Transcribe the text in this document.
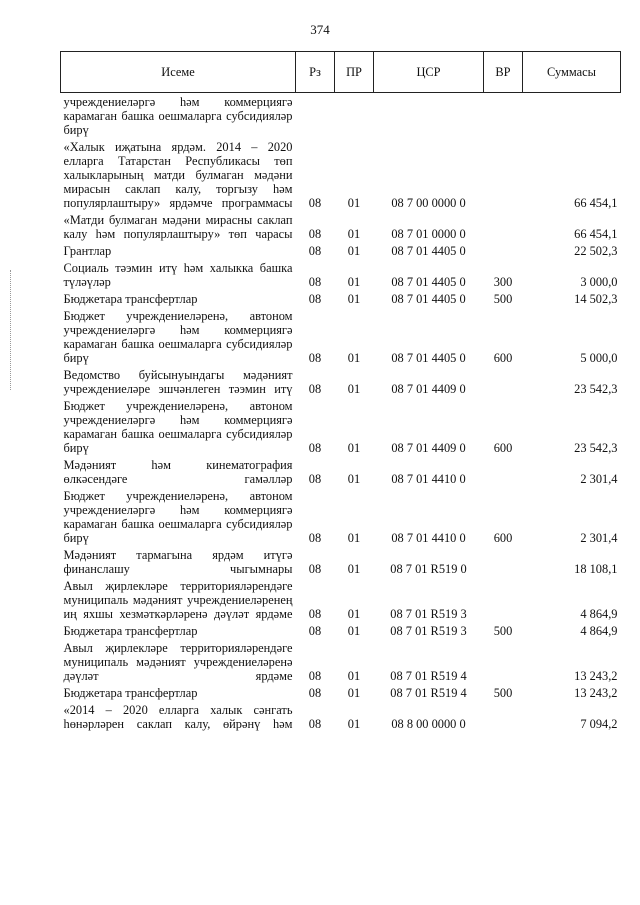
374
Исеме	Рз	ПР	ЦСР	ВР	Суммасы
учреждениеләргә һәм коммерциягә карамаган башка оешмаларга субсидияләр бирү					
«Халык иҗатына ярдәм. 2014 – 2020 елларга Татарстан Республикасы төп халыкларының матди булмаган мәдәни мирасын саклап калу, торгызу һәм популярлаштыру» ярдәмче программасы	08	01	08 7 00 0000 0		66 454,1
«Матди булмаган мәдәни мирасны саклап калу һәм популярлаштыру» төп чарасы	08	01	08 7 01 0000 0		66 454,1
Грантлар	08	01	08 7 01 4405 0		22 502,3
Социаль тәэмин итү һәм халыкка башка түләүләр	08	01	08 7 01 4405 0	300	3 000,0
Бюджетара трансфертлар	08	01	08 7 01 4405 0	500	14 502,3
Бюджет учреждениеләренә, автоном учреждениеләргә һәм коммерциягә карамаган башка оешмаларга субсидияләр бирү	08	01	08 7 01 4405 0	600	5 000,0
Ведомство буйсынуындагы мәдәният учреждениеләре эшчәнлеген тәэмин итү	08	01	08 7 01 4409 0		23 542,3
Бюджет учреждениеләренә, автоном учреждениеләргә һәм коммерциягә карамаган башка оешмаларга субсидияләр бирү	08	01	08 7 01 4409 0	600	23 542,3
Мәдәният һәм кинематография өлкәсендәге гамәлләр	08	01	08 7 01 4410 0		2 301,4
Бюджет учреждениеләренә, автоном учреждениеләргә һәм коммерциягә карамаган башка оешмаларга субсидияләр бирү	08	01	08 7 01 4410 0	600	2 301,4
Мәдәният тармагына ярдәм итүгә финанслашу чыгымнары	08	01	08 7 01 R519 0		18 108,1
Авыл җирлекләре территорияләрендәге муниципаль мәдәният учреждениеләренең иң яхшы хезмәткәрләренә дәүләт ярдәме	08	01	08 7 01 R519 3		4 864,9
Бюджетара трансфертлар	08	01	08 7 01 R519 3	500	4 864,9
Авыл җирлекләре территорияләрендәге муниципаль мәдәният учреждениеләренә дәүләт ярдәме	08	01	08 7 01 R519 4		13 243,2
Бюджетара трансфертлар	08	01	08 7 01 R519 4	500	13 243,2
«2014 – 2020 елларга халык сәнгать һөнәрләрен саклап калу, өйрәнү һәм	08	01	08 8 00 0000 0		7 094,2
